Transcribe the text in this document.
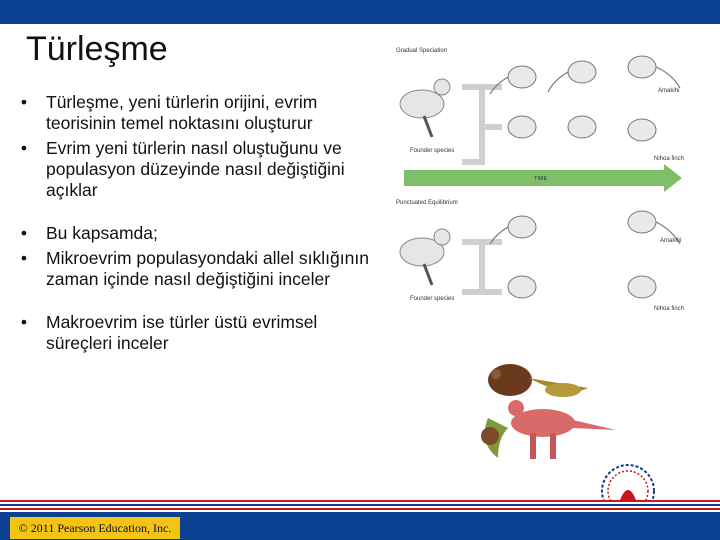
Türleşme
•	Türleşme, yeni türlerin orijini, evrim teorisinin temel noktasını oluşturur
•	Evrim yeni türlerin nasıl oluştuğunu ve populasyon düzeyinde nasıl değiştiğini açıklar
•	Bu kapsamda;
•	Mikroevrim populasyondaki allel sıklığının zaman içinde nasıl değiştiğini inceler
•	Makroevrim ise türler üstü evrimsel süreçleri inceler
Gradual Speciation
Amakihi
Founder species
Nihoa finch
TIME
Punctuated Equilibrium
Amakihi
Founder species
Nihoa finch
© 2011 Pearson Education, Inc.
